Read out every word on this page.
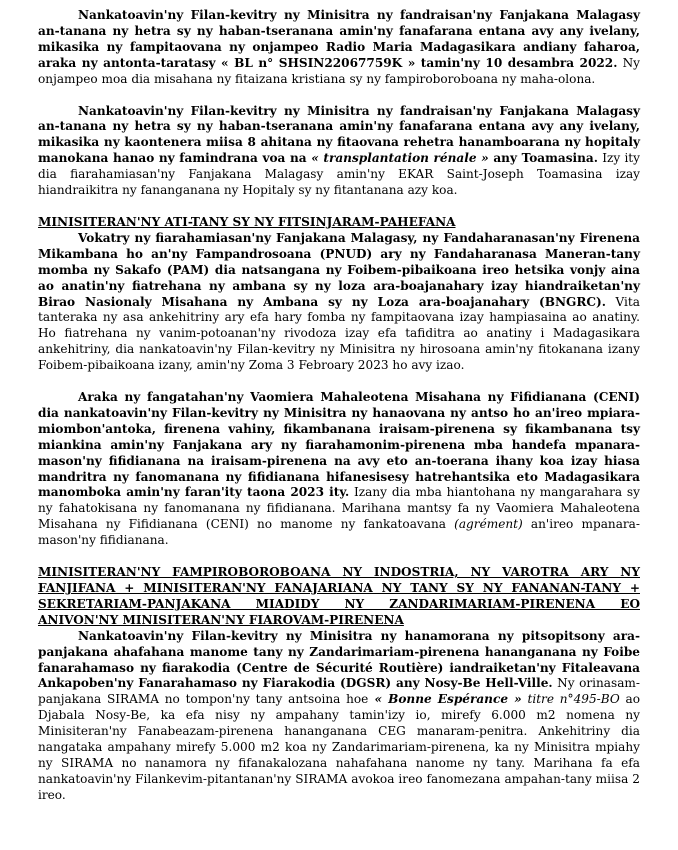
Nankatoavin'ny Filan-kevitry ny Minisitra ny fandraisan'ny Fanjakana Malagasy an-tanana ny hetra sy ny haban-tseranana amin'ny fanafarana entana avy any ivelany, mikasika ny fampitaovana ny onjampeo Radio Maria Madagasikara andiany faharoa, araka ny antonta-taratasy « BL n° SHSIN22067759K » tamin'ny 10 desambra 2022. Ny onjampeo moa dia misahana ny fitaizana kristiana sy ny fampiroboroboana ny maha-olona.

Nankatoavin'ny Filan-kevitry ny Minisitra ny fandraisan'ny Fanjakana Malagasy an-tanana ny hetra sy ny haban-tseranana amin'ny fanafarana entana avy any ivelany, mikasika ny kaontenera miisa 8 ahitana ny fitaovana rehetra hanamboarana ny hopitaly manokana hanao ny famindrana voa na « transplantation rénale » any Toamasina. Izy ity dia fiarahamiasan'ny Fanjakana Malagasy amin'ny EKAR Saint-Joseph Toamasina izay hiandraikitra ny fananganana ny Hopitaly sy ny fitantanana azy koa.

MINISITERAN'NY ATI-TANY SY NY FITSINJARAM-PAHEFANA

Vokatry ny fiarahamiasan'ny Fanjakana Malagasy, ny Fandaharanasan'ny Firenena Mikambana ho an'ny Fampandrosoana (PNUD) ary ny Fandaharanasa Maneran-tany momba ny Sakafo (PAM) dia natsangana ny Foibem-pibaikoana ireo hetsika vonjy aina ao anatin'ny fiatrehana ny ambana sy ny loza ara-boajanahary izay hiandraiketan'ny Birao Nasionaly Misahana ny Ambana sy ny Loza ara-boajanahary (BNGRC). Vita tanteraka ny asa ankehitriny ary efa hary fomba ny fampitaovana izay hampiasaina ao anatiny. Ho fiatrehana ny vanim-potoanan'ny rivodoza izay efa tafiditra ao anatiny i Madagasikara ankehitriny, dia nankatoavin'ny Filan-kevitry ny Minisitra ny hirosoana amin'ny fitokanana izany Foibem-pibaikoana izany, amin'ny Zoma 3 Febroary 2023 ho avy izao.

Araka ny fangatahan'ny Vaomiera Mahaleotena Misahana ny Fifidianana (CENI) dia nankatoavin'ny Filan-kevitry ny Minisitra ny hanaovana ny antso ho an'ireo mpiara-miombon'antoka, firenena vahiny, fikambanana iraisam-pirenena sy fikambanana tsy miankina amin'ny Fanjakana ary ny fiarahamonim-pirenena mba handefa mpanara-mason'ny fifidianana na iraisam-pirenena na avy eto an-toerana ihany koa izay hiasa mandritra ny fanomanana ny fifidianana hifanesisesy hatrehantsika eto Madagasikara manomboka amin'ny faran'ity taona 2023 ity. Izany dia mba hiantohana ny mangarahara sy ny fahatokisana ny fanomanana ny fifidianana. Marihana mantsy fa ny Vaomiera Mahaleotena Misahana ny Fifidianana (CENI) no manome ny fankatoavana (agrément) an'ireo mpanara-mason'ny fifidianana.

MINISITERAN'NY FAMPIROBOROBOANA NY INDOSTRIA, NY VAROTRA ARY NY FANJIFANA + MINISITERAN'NY FANAJARIANA NY TANY SY NY FANANAN-TANY + SEKRETARIAM-PANJAKANA MIADIDY NY ZANDARIMARIAM-PIRENENA EO ANIVON'NY MINISITERAN'NY FIAROVAM-PIRENENA

Nankatoavin'ny Filan-kevitry ny Minisitra ny hanamorana ny pitsopitsony ara-panjakana ahafahana manome tany ny Zandarimariam-pirenena hananganana ny Foibe fanarahamaso ny fiarakodia (Centre de Sécurité Routière) iandraiketan'ny Fitaleavana Ankapoben'ny Fanarahamaso ny Fiarakodia (DGSR) any Nosy-Be Hell-Ville. Ny orinasam-panjakana SIRAMA no tompon'ny tany antsoina hoe « Bonne Espérance » titre n°495-BO ao Djabala Nosy-Be, ka efa nisy ny ampahany tamin'izy io, mirefy 6.000 m2 nomena ny Minisiteran'ny Fanabeazam-pirenena hananganana CEG manaram-penitra. Ankehitriny dia nangataka ampahany mirefy 5.000 m2 koa ny Zandarimariam-pirenena, ka ny Minisitra mpiahy ny SIRAMA no nanamora ny fifanakalozana nahafahana nanome ny tany. Marihana fa efa nankatoavin'ny Filankevim-pitantanan'ny SIRAMA avokoa ireo fanomezana ampahan-tany miisa 2 ireo.
